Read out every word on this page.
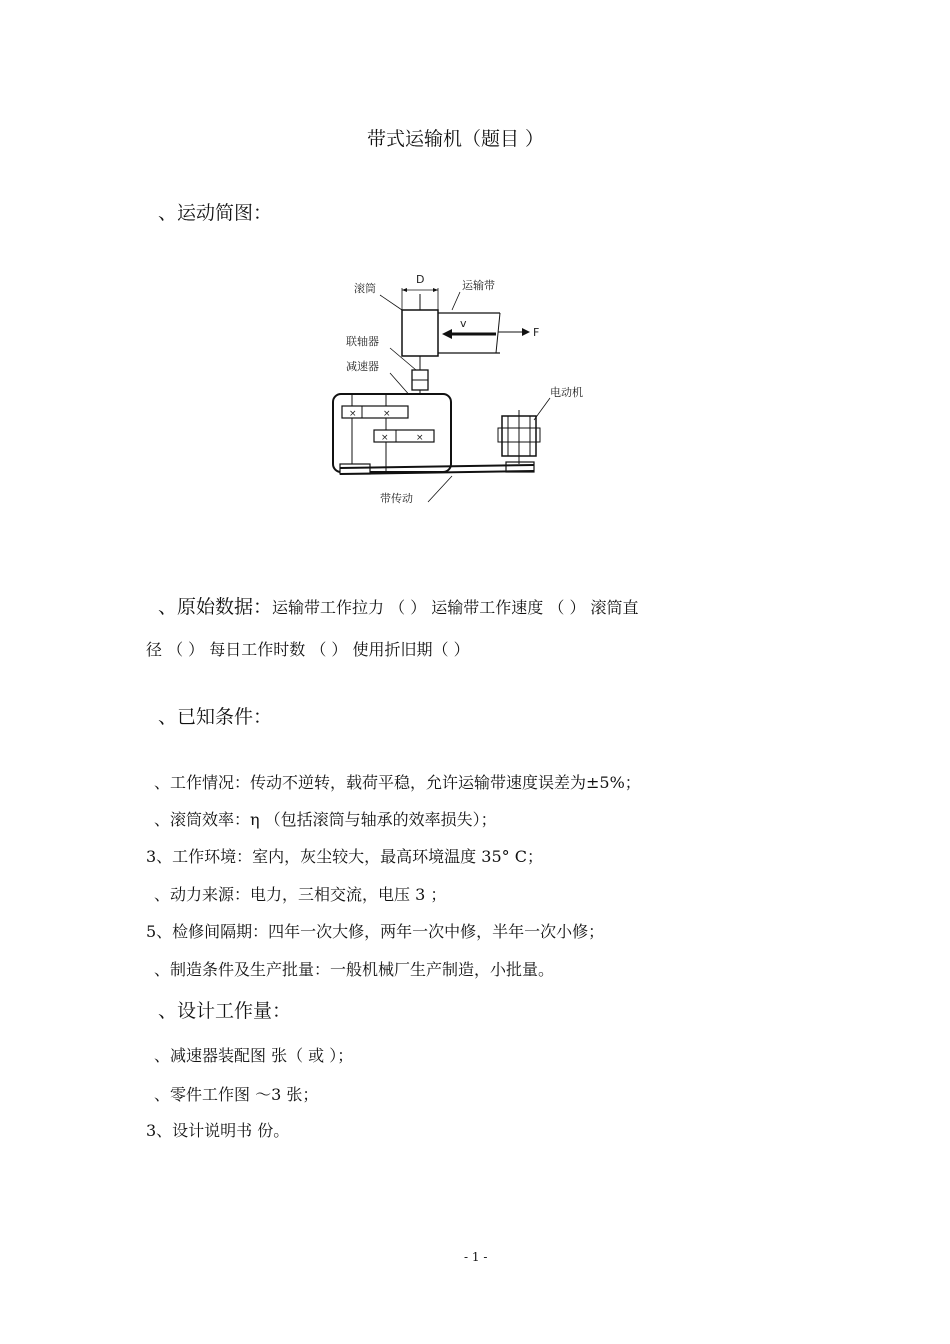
带式运输机（题目 ）
、运动简图：
D
滚筒	运输带
v
F
联轴器
减速器
×	×
×	×
带传动
电动机
、原始数据：运输带工作拉力 （ ） 运输带工作速度 （ ） 滚筒直
径 （ ） 每日工作时数 （ ） 使用折旧期（ ）
、已知条件：
、工作情况：传动不逆转，载荷平稳，允许运输带速度误差为±5%；
、滚筒效率：η （包括滚筒与轴承的效率损失）；
3、工作环境：室内，灰尘较大，最高环境温度 35° C；
、动力来源：电力，三相交流，电压 3 ；
5、检修间隔期：四年一次大修，两年一次中修，半年一次小修；
、制造条件及生产批量：一般机械厂生产制造，小批量。
、设计工作量：
、减速器装配图 张（ 或 ）；
、零件工作图 ～3 张；
3、设计说明书 份。
- 1 -
